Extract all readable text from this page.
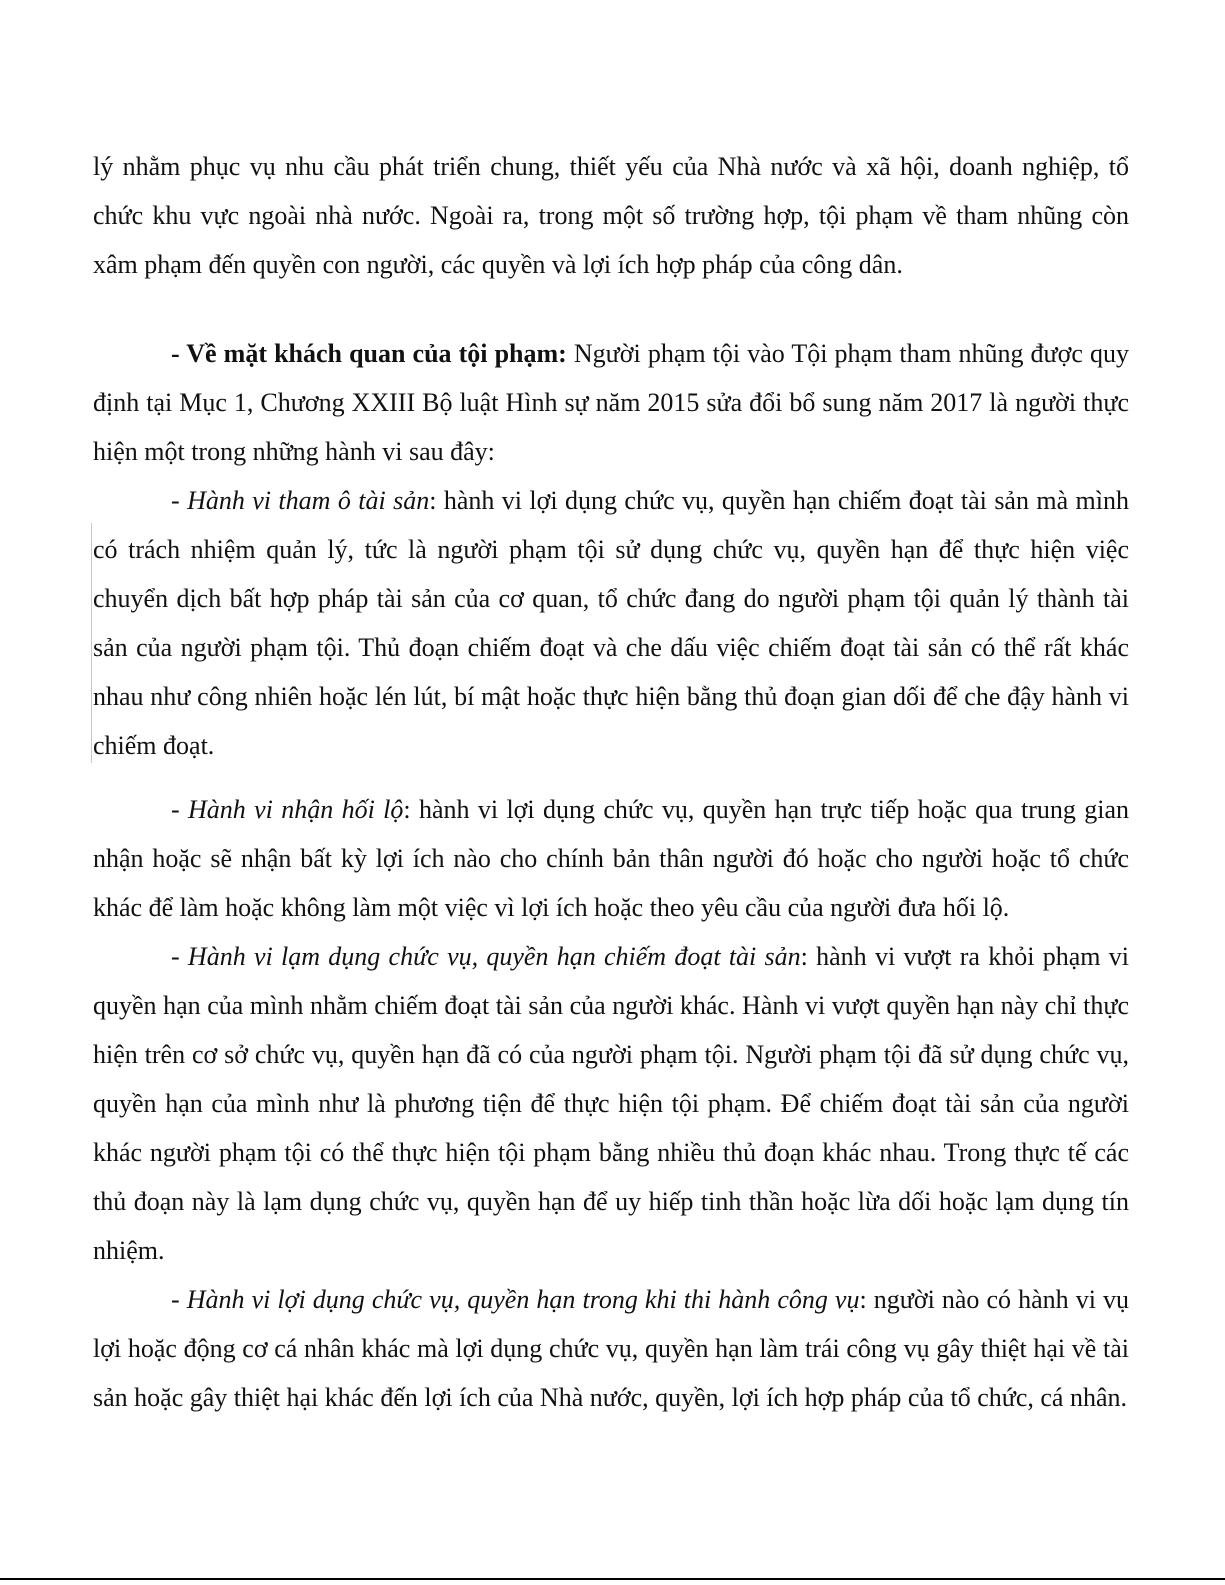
lý nhằm phục vụ nhu cầu phát triển chung, thiết yếu của Nhà nước và xã hội, doanh nghiệp, tổ chức khu vực ngoài nhà nước. Ngoài ra, trong một số trường hợp, tội phạm về tham nhũng còn xâm phạm đến quyền con người, các quyền và lợi ích hợp pháp của công dân.

- Về mặt khách quan của tội phạm: Người phạm tội vào Tội phạm tham nhũng được quy định tại Mục 1, Chương XXIII Bộ luật Hình sự năm 2015 sửa đổi bổ sung năm 2017 là người thực hiện một trong những hành vi sau đây:

- Hành vi tham ô tài sản: hành vi lợi dụng chức vụ, quyền hạn chiếm đoạt tài sản mà mình có trách nhiệm quản lý, tức là người phạm tội sử dụng chức vụ, quyền hạn để thực hiện việc chuyển dịch bất hợp pháp tài sản của cơ quan, tổ chức đang do người phạm tội quản lý thành tài sản của người phạm tội. Thủ đoạn chiếm đoạt và che dấu việc chiếm đoạt tài sản có thể rất khác nhau như công nhiên hoặc lén lút, bí mật hoặc thực hiện bằng thủ đoạn gian dối để che đậy hành vi chiếm đoạt.

- Hành vi nhận hối lộ: hành vi lợi dụng chức vụ, quyền hạn trực tiếp hoặc qua trung gian nhận hoặc sẽ nhận bất kỳ lợi ích nào cho chính bản thân người đó hoặc cho người hoặc tổ chức khác để làm hoặc không làm một việc vì lợi ích hoặc theo yêu cầu của người đưa hối lộ.

- Hành vi lạm dụng chức vụ, quyền hạn chiếm đoạt tài sản: hành vi vượt ra khỏi phạm vi quyền hạn của mình nhằm chiếm đoạt tài sản của người khác. Hành vi vượt quyền hạn này chỉ thực hiện trên cơ sở chức vụ, quyền hạn đã có của người phạm tội. Người phạm tội đã sử dụng chức vụ, quyền hạn của mình như là phương tiện để thực hiện tội phạm. Để chiếm đoạt tài sản của người khác người phạm tội có thể thực hiện tội phạm bằng nhiều thủ đoạn khác nhau. Trong thực tế các thủ đoạn này là lạm dụng chức vụ, quyền hạn để uy hiếp tinh thần hoặc lừa dối hoặc lạm dụng tín nhiệm.

- Hành vi lợi dụng chức vụ, quyền hạn trong khi thi hành công vụ: người nào có hành vi vụ lợi hoặc động cơ cá nhân khác mà lợi dụng chức vụ, quyền hạn làm trái công vụ gây thiệt hại về tài sản hoặc gây thiệt hại khác đến lợi ích của Nhà nước, quyền, lợi ích hợp pháp của tổ chức, cá nhân.
